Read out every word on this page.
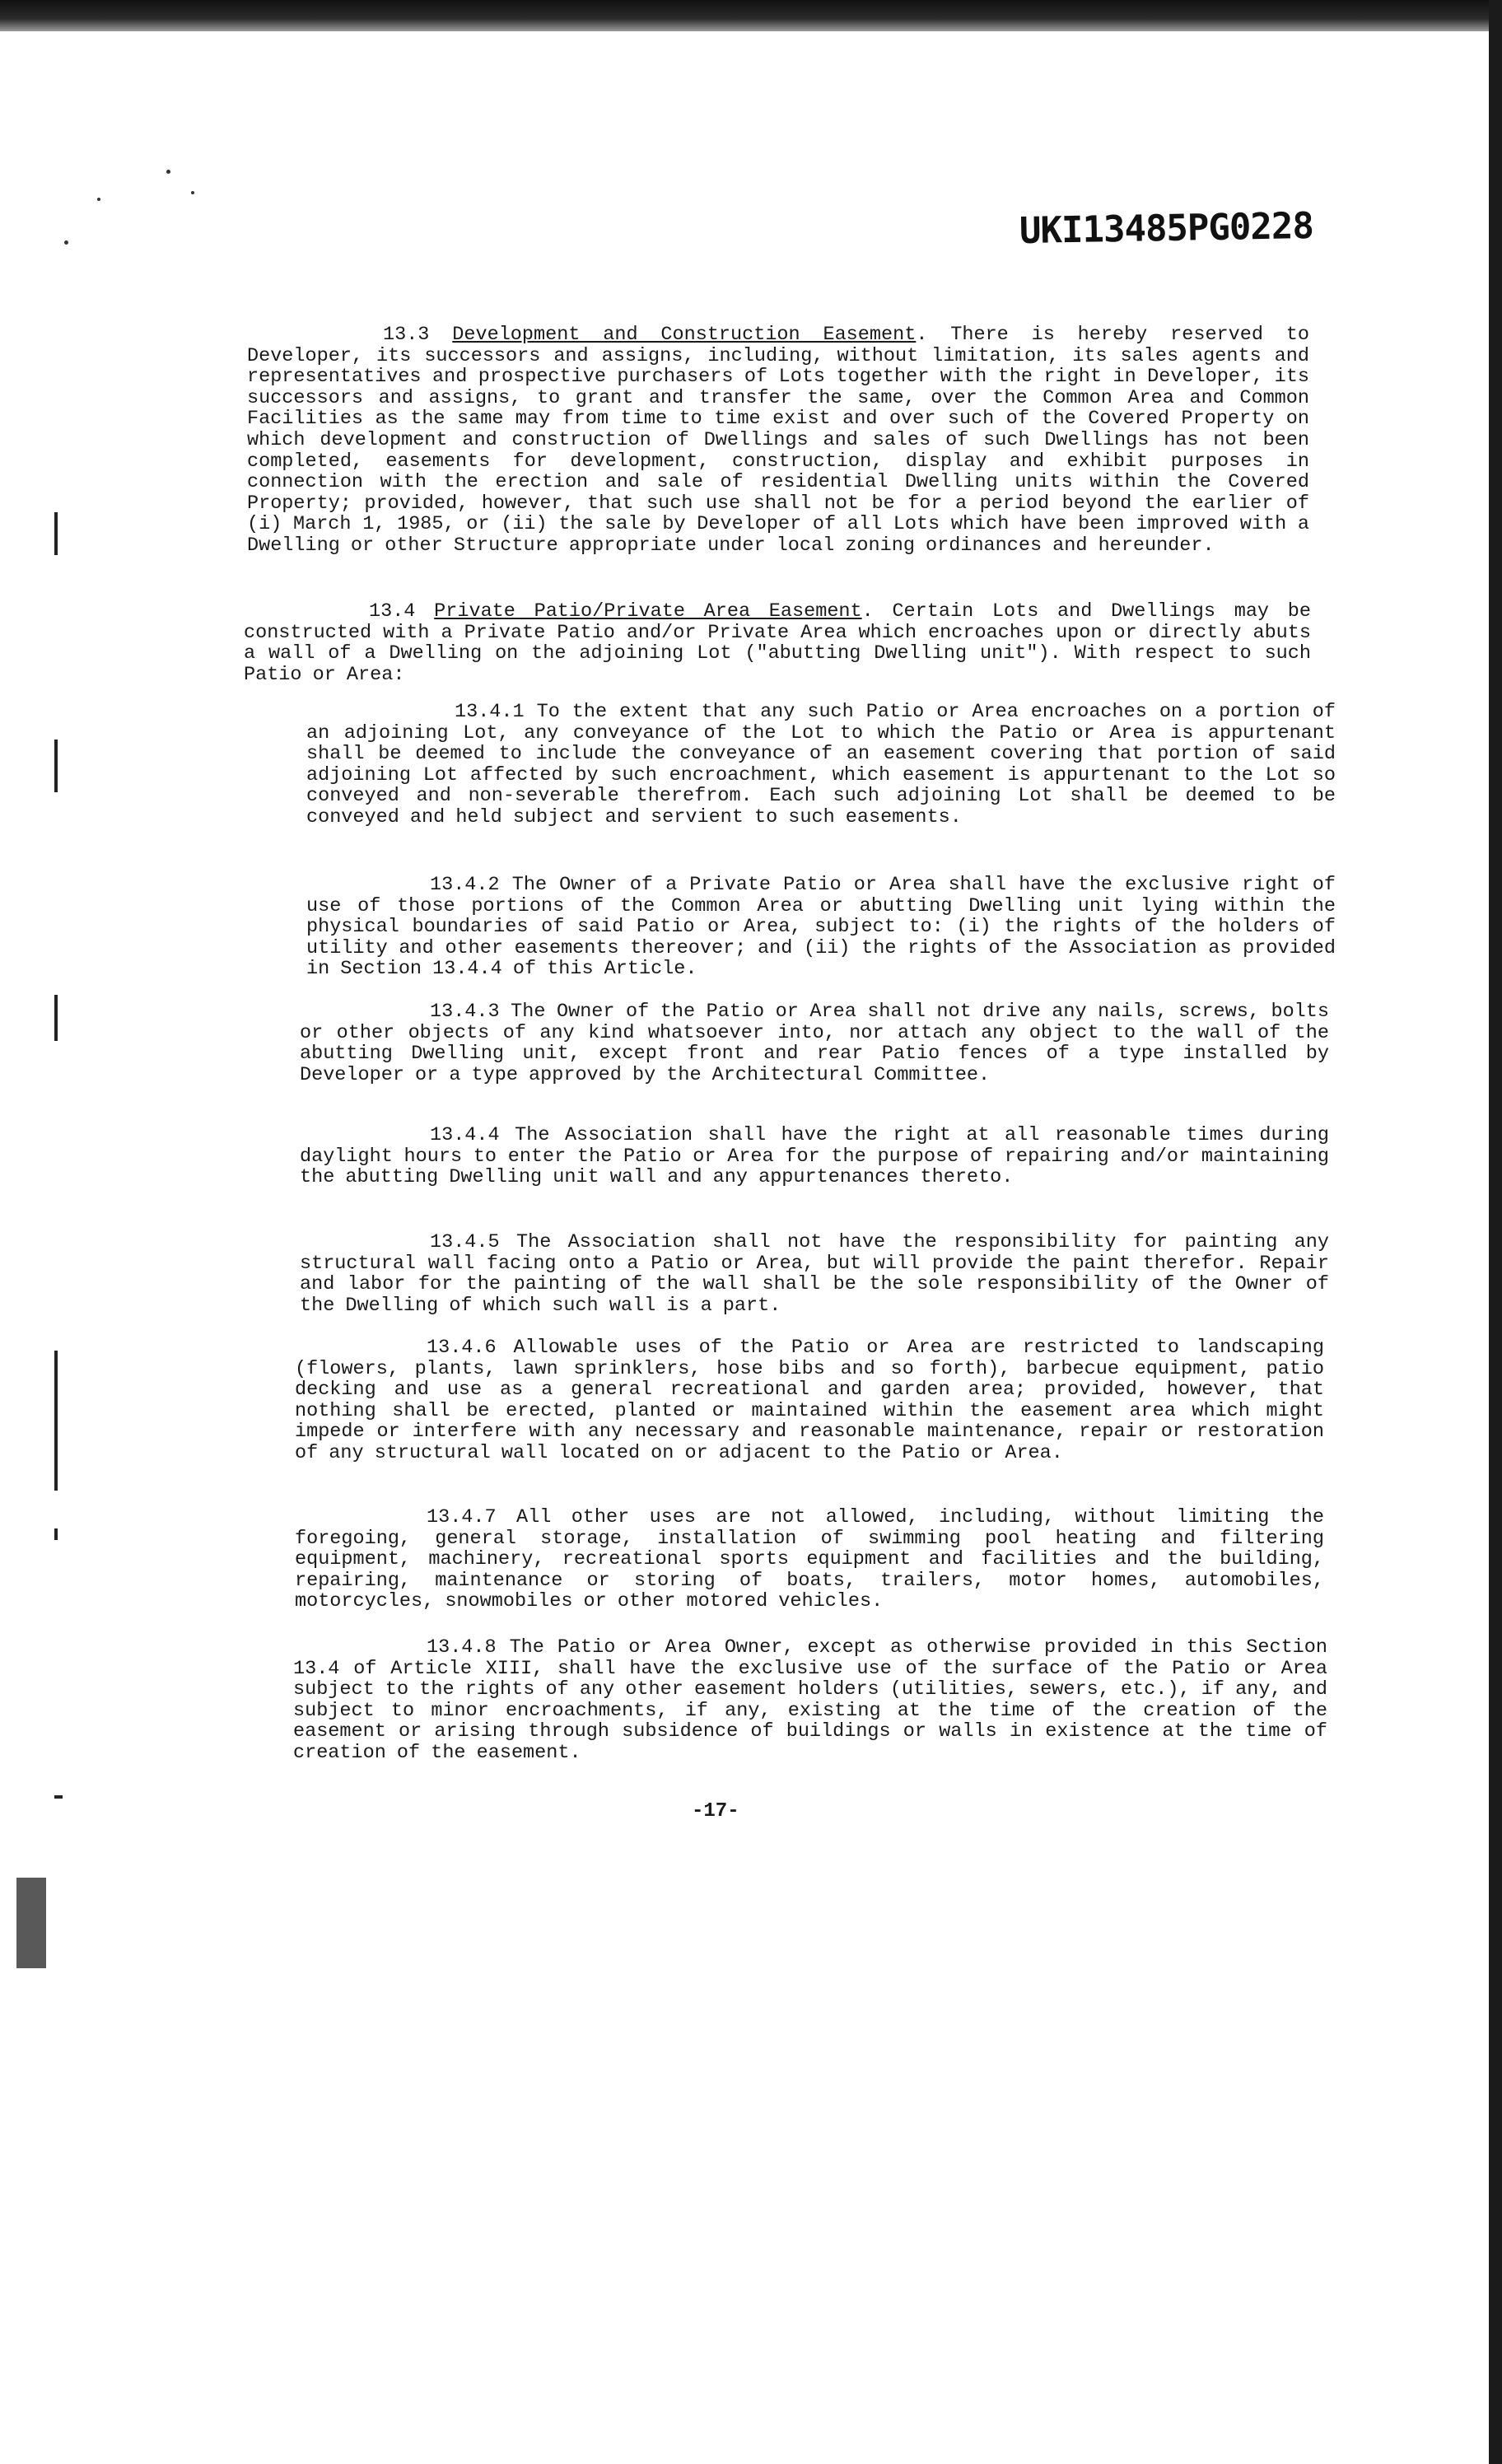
UKI13485PG0228

13.3 Development and Construction Easement. There is hereby reserved to Developer, its successors and assigns, including, without limitation, its sales agents and representatives and prospective purchasers of Lots together with the right in Developer, its successors and assigns, to grant and transfer the same, over the Common Area and Common Facilities as the same may from time to time exist and over such of the Covered Property on which development and construction of Dwellings and sales of such Dwellings has not been completed, easements for development, construction, display and exhibit purposes in connection with the erection and sale of residential Dwelling units within the Covered Property; provided, however, that such use shall not be for a period beyond the earlier of (i) March 1, 1985, or (ii) the sale by Developer of all Lots which have been improved with a Dwelling or other Structure appropriate under local zoning ordinances and hereunder.

13.4 Private Patio/Private Area Easement. Certain Lots and Dwellings may be constructed with a Private Patio and/or Private Area which encroaches upon or directly abuts a wall of a Dwelling on the adjoining Lot ("abutting Dwelling unit"). With respect to such Patio or Area:

13.4.1 To the extent that any such Patio or Area encroaches on a portion of an adjoining Lot, any conveyance of the Lot to which the Patio or Area is appurtenant shall be deemed to include the conveyance of an easement covering that portion of said adjoining Lot affected by such encroachment, which easement is appurtenant to the Lot so conveyed and non-severable therefrom. Each such adjoining Lot shall be deemed to be conveyed and held subject and servient to such easements.

13.4.2 The Owner of a Private Patio or Area shall have the exclusive right of use of those portions of the Common Area or abutting Dwelling unit lying within the physical boundaries of said Patio or Area, subject to: (i) the rights of the holders of utility and other easements thereover; and (ii) the rights of the Association as provided in Section 13.4.4 of this Article.

13.4.3 The Owner of the Patio or Area shall not drive any nails, screws, bolts or other objects of any kind whatsoever into, nor attach any object to the wall of the abutting Dwelling unit, except front and rear Patio fences of a type installed by Developer or a type approved by the Architectural Committee.

13.4.4 The Association shall have the right at all reasonable times during daylight hours to enter the Patio or Area for the purpose of repairing and/or maintaining the abutting Dwelling unit wall and any appurtenances thereto.

13.4.5 The Association shall not have the responsibility for painting any structural wall facing onto a Patio or Area, but will provide the paint therefor. Repair and labor for the painting of the wall shall be the sole responsibility of the Owner of the Dwelling of which such wall is a part.

13.4.6 Allowable uses of the Patio or Area are restricted to landscaping (flowers, plants, lawn sprinklers, hose bibs and so forth), barbecue equipment, patio decking and use as a general recreational and garden area; provided, however, that nothing shall be erected, planted or maintained within the easement area which might impede or interfere with any necessary and reasonable maintenance, repair or restoration of any structural wall located on or adjacent to the Patio or Area.

13.4.7 All other uses are not allowed, including, without limiting the foregoing, general storage, installation of swimming pool heating and filtering equipment, machinery, recreational sports equipment and facilities and the building, repairing, maintenance or storing of boats, trailers, motor homes, automobiles, motorcycles, snowmobiles or other motored vehicles.

13.4.8 The Patio or Area Owner, except as otherwise provided in this Section 13.4 of Article XIII, shall have the exclusive use of the surface of the Patio or Area subject to the rights of any other easement holders (utilities, sewers, etc.), if any, and subject to minor encroachments, if any, existing at the time of the creation of the easement or arising through subsidence of buildings or walls in existence at the time of creation of the easement.

-17-
